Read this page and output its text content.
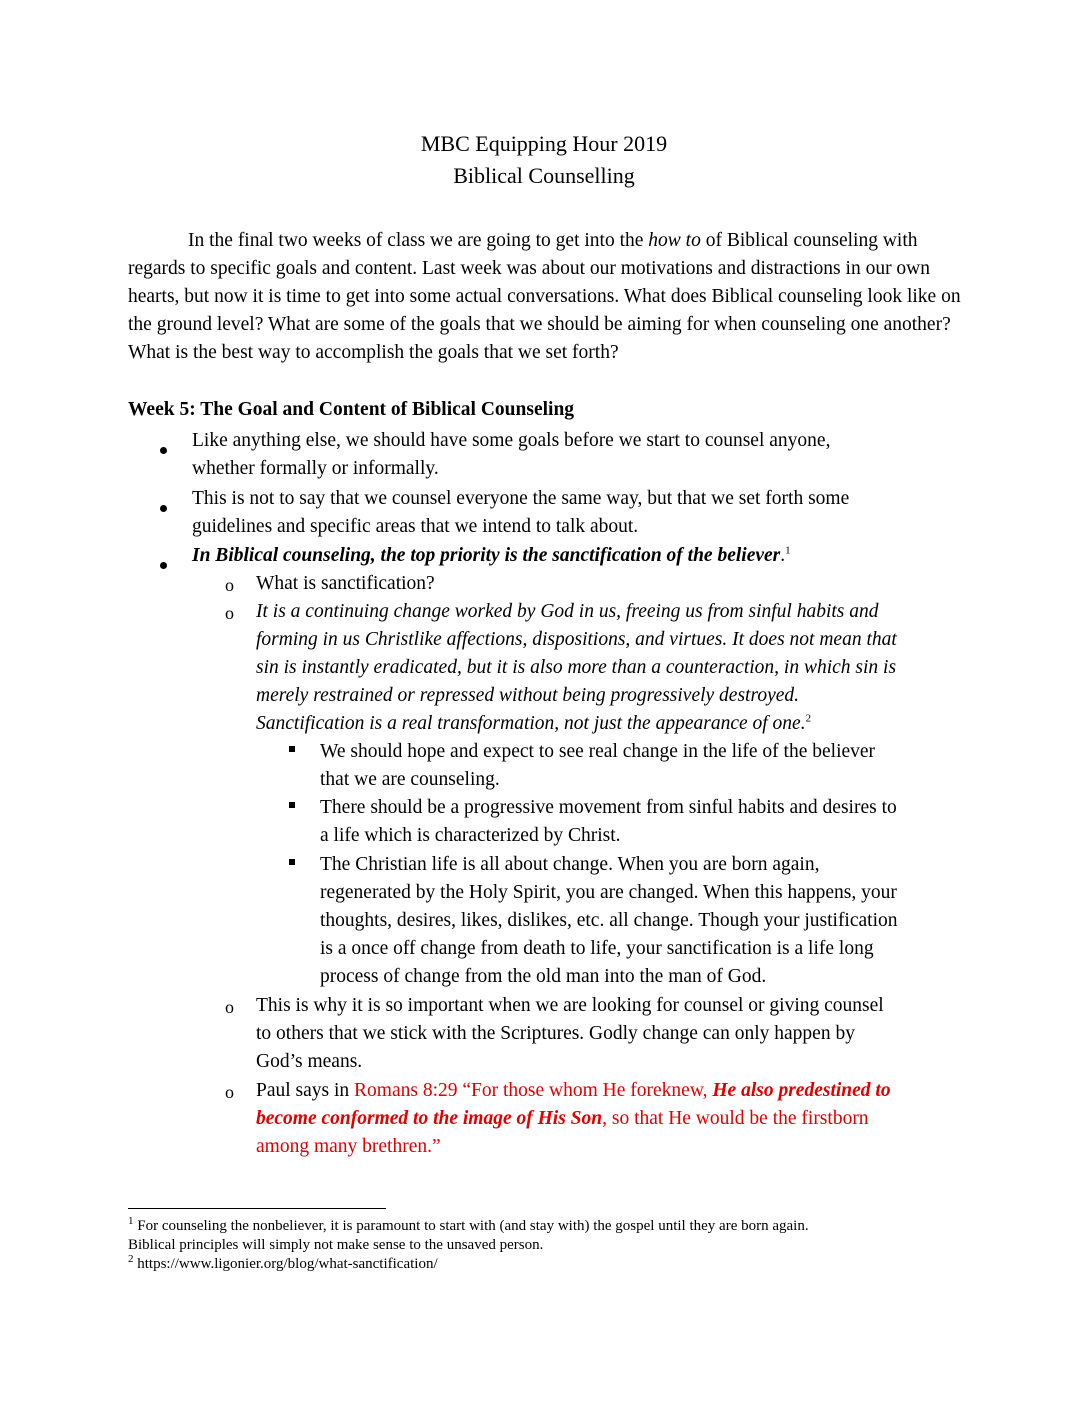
MBC Equipping Hour 2019
Biblical Counselling

In the final two weeks of class we are going to get into the how to of Biblical counseling with regards to specific goals and content. Last week was about our motivations and distractions in our own hearts, but now it is time to get into some actual conversations. What does Biblical counseling look like on the ground level? What are some of the goals that we should be aiming for when counseling one another? What is the best way to accomplish the goals that we set forth?

Week 5: The Goal and Content of Biblical Counseling

Like anything else, we should have some goals before we start to counsel anyone,

whether formally or informally.

This is not to say that we counsel everyone the same way, but that we set forth some

guidelines and specific areas that we intend to talk about.

In Biblical counseling, the top priority is the sanctification of the believer.$^1$

o What is sanctification?

o It is a continuing change worked by God in us, freeing us from sinful habits and

forming in us Christlike affections, dispositions, and virtues. It does not mean that

sin is instantly eradicated, but it is also more than a counteraction, in which sin is

merely restrained or repressed without being progressively destroyed.

Sanctification is a real transformation, not just the appearance of one.$^2$

We should hope and expect to see real change in the life of the believer

that we are counseling.

There should be a progressive movement from sinful habits and desires to

a life which is characterized by Christ.

The Christian life is all about change. When you are born again,

regenerated by the Holy Spirit, you are changed. When this happens, your

thoughts, desires, likes, dislikes, etc. all change. Though your justification

is a once off change from death to life, your sanctification is a life long

process of change from the old man into the man of God.

o This is why it is so important when we are looking for counsel or giving counsel

to others that we stick with the Scriptures. Godly change can only happen by

God’s means.

o Paul says in Romans 8:29 “For those whom He foreknew, He also predestined to

become conformed to the image of His Son, so that He would be the firstborn

among many brethren.”

$^1$ For counseling the nonbeliever, it is paramount to start with (and stay with) the gospel until they are born again.

Biblical principles will simply not make sense to the unsaved person.

$^2$ https://www.ligonier.org/blog/what-sanctification/
